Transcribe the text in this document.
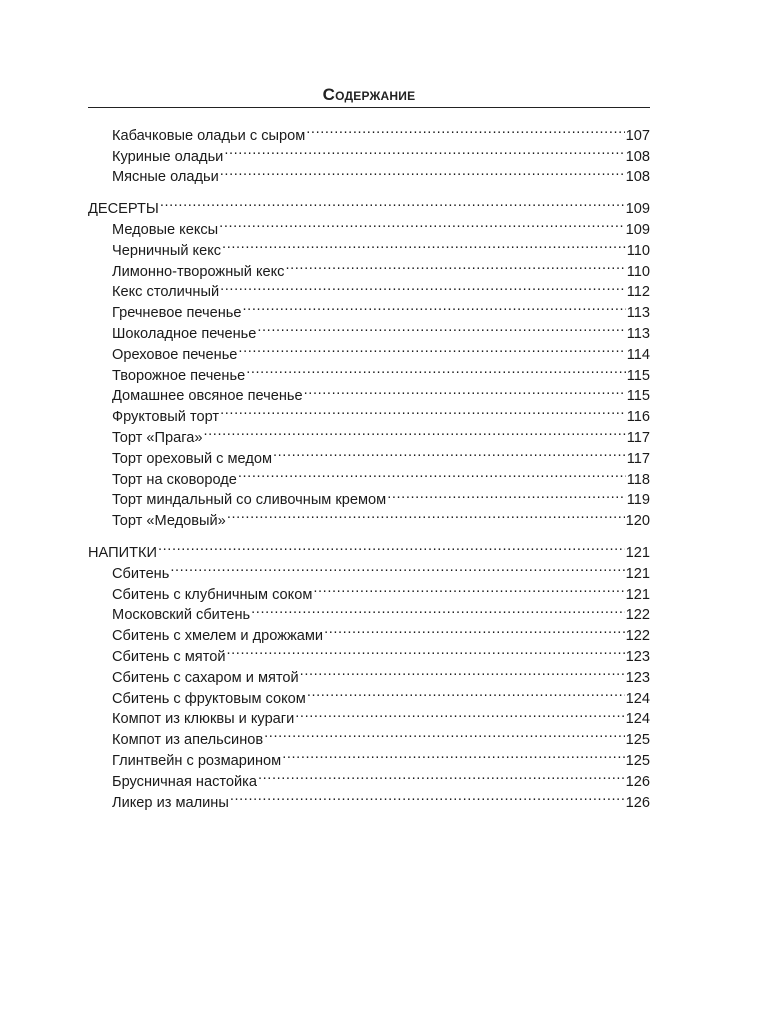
Содержание
Кабачковые оладьи с сыром .....	107
Куриные оладьи .....	108
Мясные оладьи .....	108
ДЕСЕРТЫ .....	109
Медовые кексы .....	109
Черничный кекс .....	110
Лимонно-творожный кекс .....	110
Кекс столичный .....	112
Гречневое печенье .....	113
Шоколадное печенье .....	113
Ореховое печенье .....	114
Творожное печенье .....	115
Домашнее овсяное печенье .....	115
Фруктовый торт .....	116
Торт «Прага» .....	117
Торт ореховый с медом .....	117
Торт на сковороде .....	118
Торт миндальный со сливочным кремом .....	119
Торт «Медовый» .....	120
НАПИТКИ .....	121
Сбитень .....	121
Сбитень с клубничным соком .....	121
Московский сбитень .....	122
Сбитень с хмелем и дрожжами .....	122
Сбитень с мятой .....	123
Сбитень с сахаром и мятой .....	123
Сбитень с фруктовым соком .....	124
Компот из клюквы и кураги .....	124
Компот из апельсинов .....	125
Глинтвейн с розмарином .....	125
Брусничная настойка .....	126
Ликер из малины .....	126
